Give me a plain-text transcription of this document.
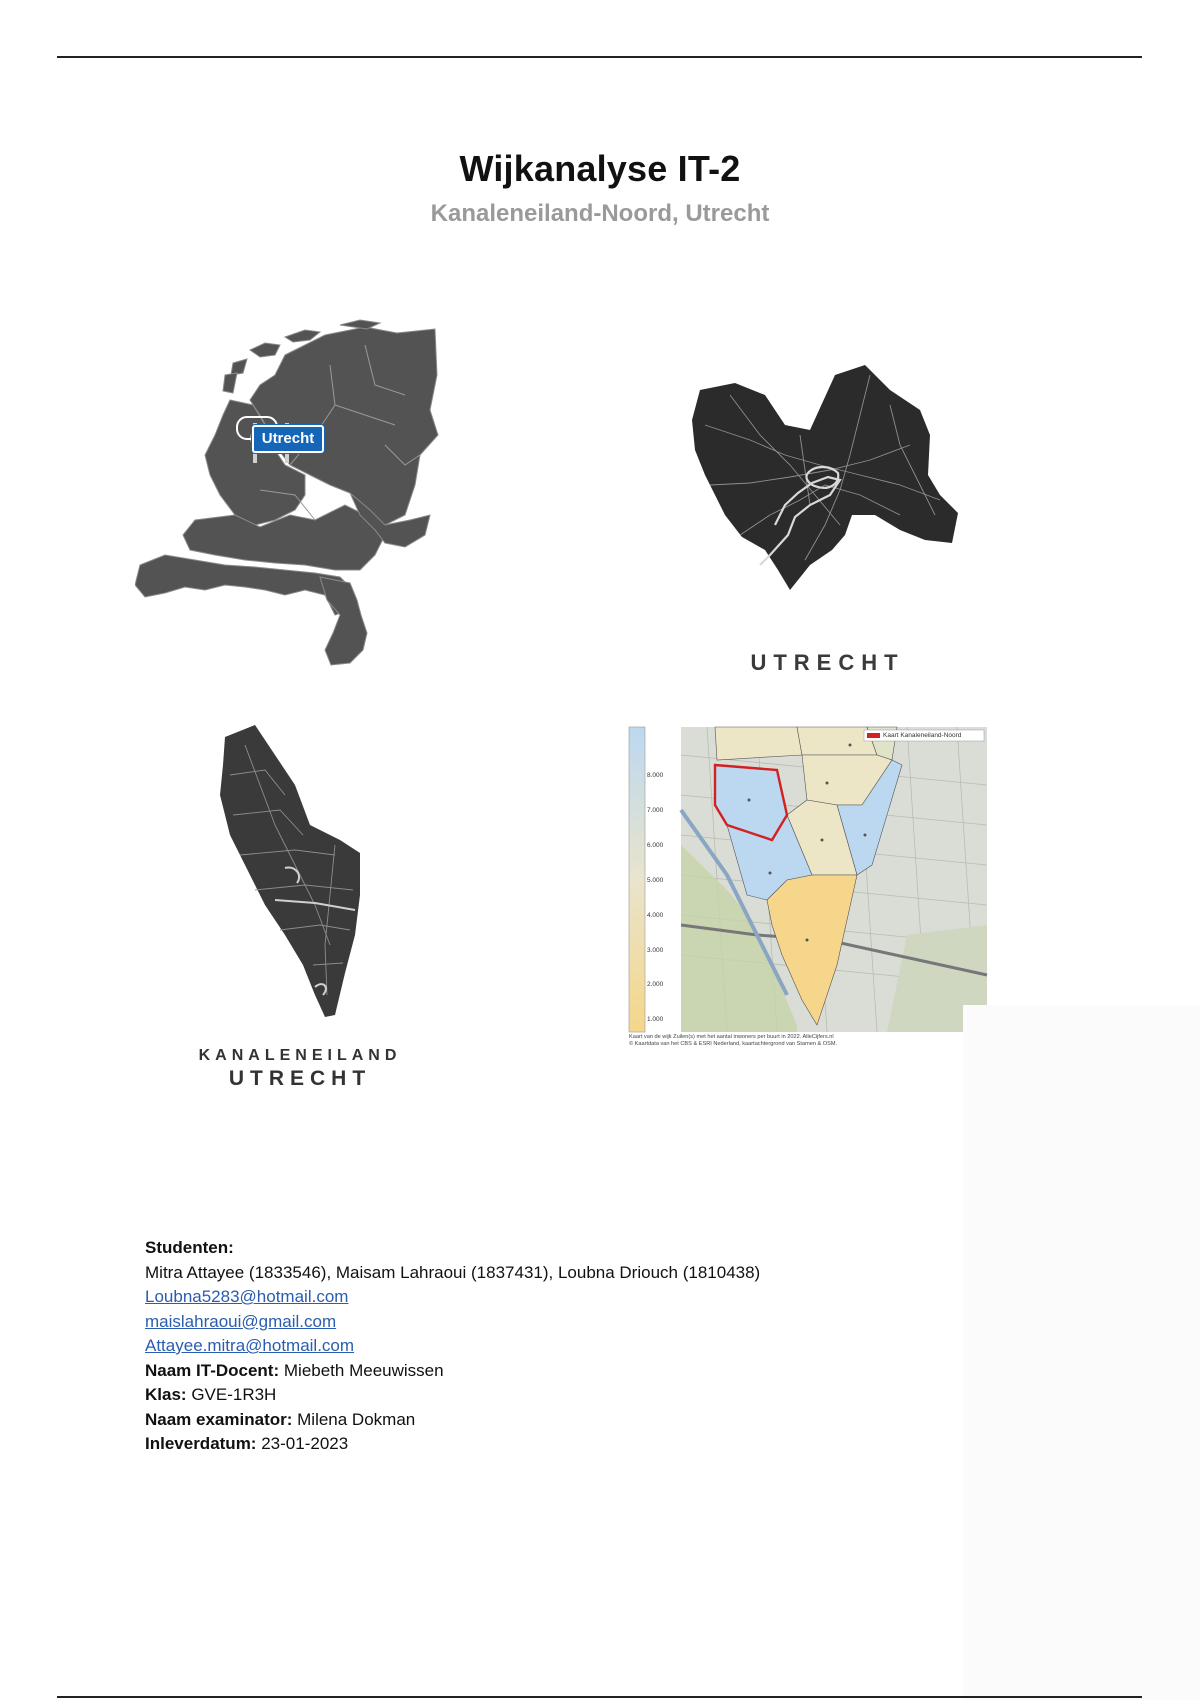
Wijkanalyse IT-2
Kanaleneiland-Noord, Utrecht
Utrecht
UTRECHT
KANALENEILAND
UTRECHT
Kaart Kanaleneiland-Noord
8.000
7.000
6.000
5.000
4.000
3.000
2.000
1.000
Kaart van de wijk Zuilen(s) met het aantal inwoners per buurt in 2022. AlleCijfers.nl
© Kaartdata van het CBS & ESRI Nederland, kaartachtergrond van Stamen & OSM.
Studenten:
Mitra Attayee (1833546), Maisam Lahraoui (1837431), Loubna Driouch (1810438)
Loubna5283@hotmail.com
maislahraoui@gmail.com
Attayee.mitra@hotmail.com
Naam IT-Docent: Miebeth Meeuwissen
Klas: GVE-1R3H
Naam examinator: Milena Dokman
Inleverdatum: 23-01-2023
